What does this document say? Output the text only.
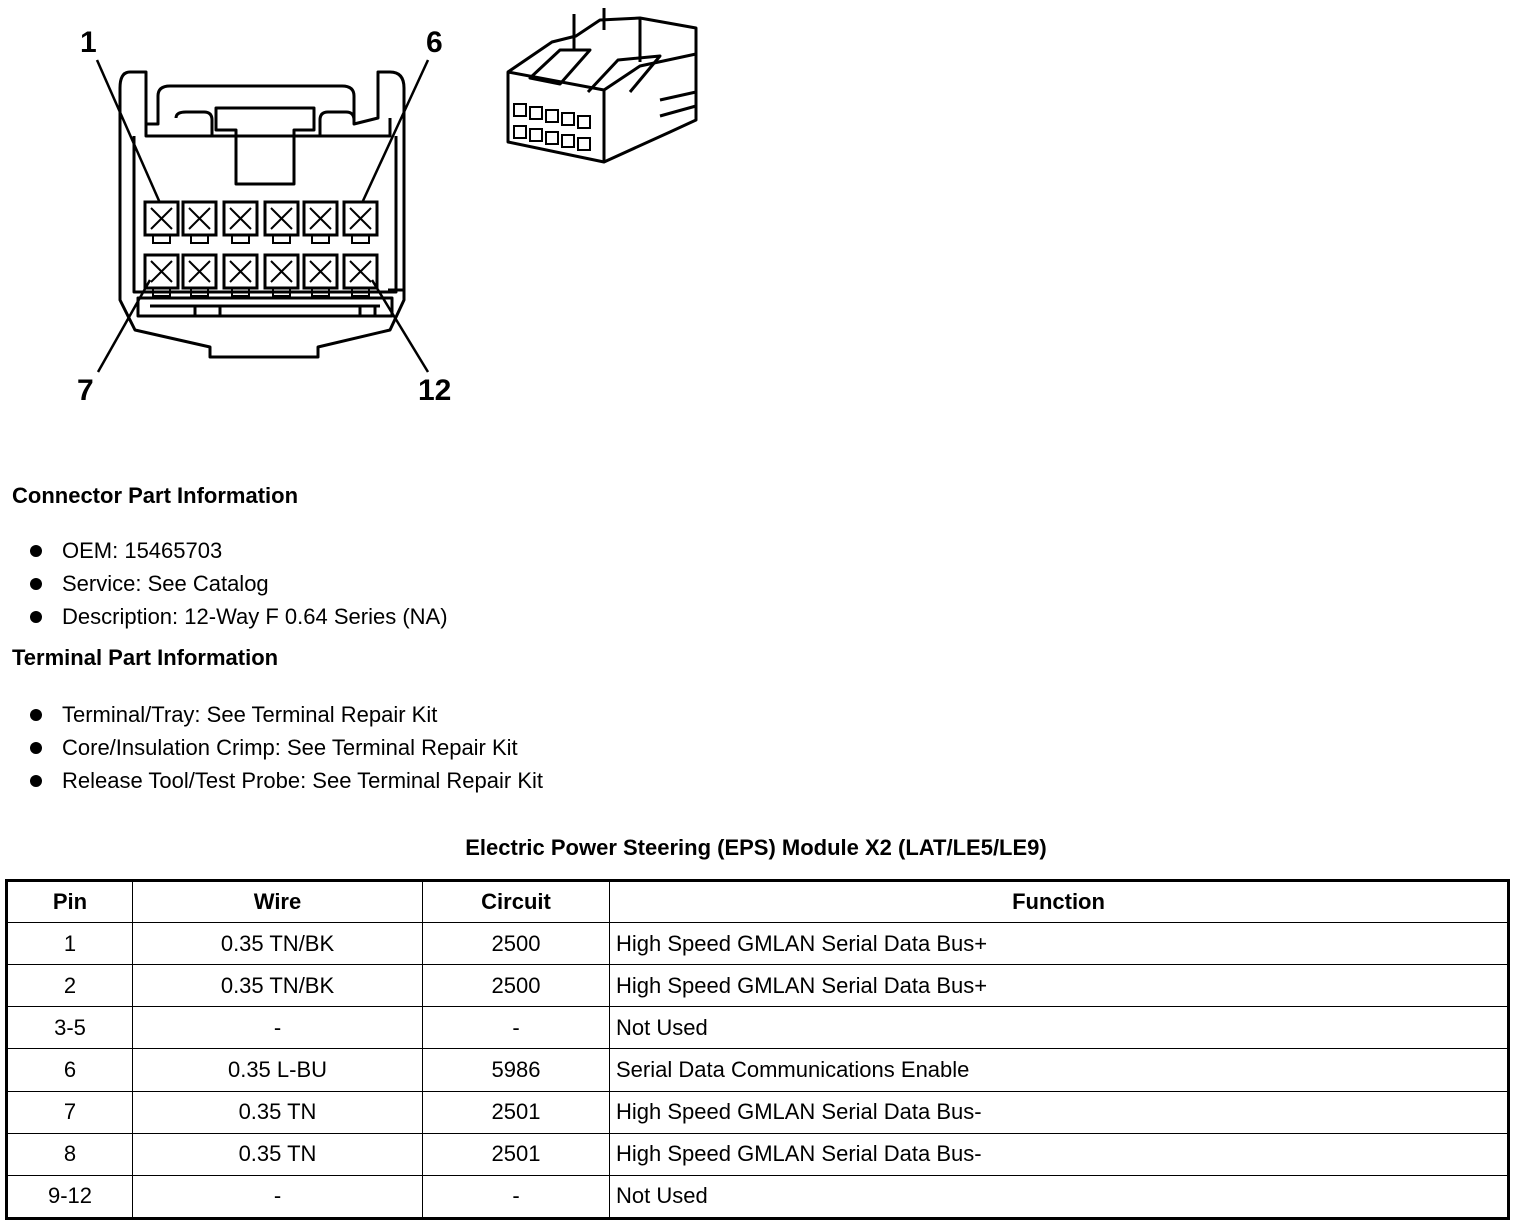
1	6
7	12
Connector Part Information
OEM: 15465703
Service: See Catalog
Description: 12-Way F 0.64 Series (NA)
Terminal Part Information
Terminal/Tray: See Terminal Repair Kit
Core/Insulation Crimp: See Terminal Repair Kit
Release Tool/Test Probe: See Terminal Repair Kit
Electric Power Steering (EPS) Module X2 (LAT/LE5/LE9)
Pin	Wire	Circuit	Function
1	0.35 TN/BK	2500	High Speed GMLAN Serial Data Bus+
2	0.35 TN/BK	2500	High Speed GMLAN Serial Data Bus+
3-5	-	-	Not Used
6	0.35 L-BU	5986	Serial Data Communications Enable
7	0.35 TN	2501	High Speed GMLAN Serial Data Bus-
8	0.35 TN	2501	High Speed GMLAN Serial Data Bus-
9-12	-	-	Not Used
